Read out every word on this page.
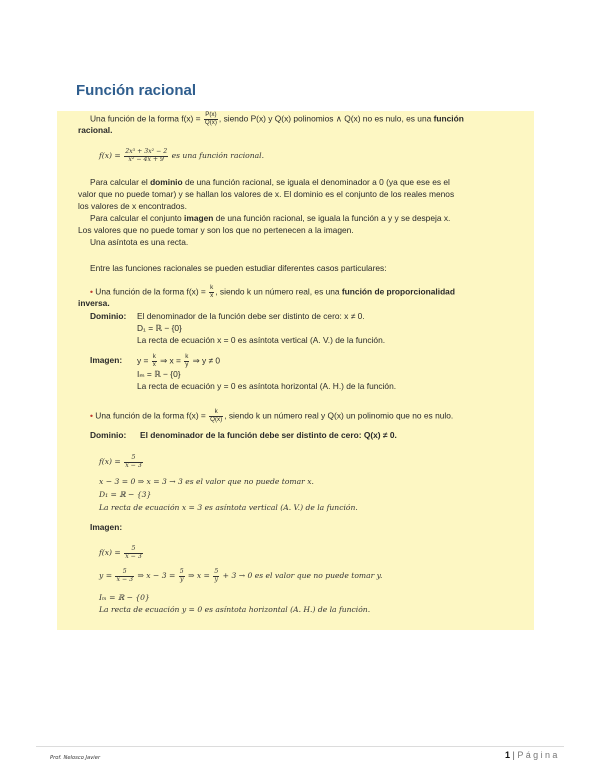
Función racional
Una función de la forma $f(x) = \frac{P(x)}{Q(x)}$ , siendo P(x) y Q(x) polinomios ∧ Q(x) no es nulo, es una función
racional.
$f(x) = \frac{\text{2x³ + 3x² − 2}}{\text{x² − 4x + 9}}$ es una función racional.
Para calcular el dominio de una función racional, se iguala el denominador a 0 (ya que ese es el
valor que no puede tomar) y se hallan los valores de x. El dominio es el conjunto de los reales menos
los valores de x encontrados.
Para calcular el conjunto imagen de una función racional, se iguala la función a y y se despeja x.
Los valores que no puede tomar y son los que no pertenecen a la imagen.
Una asíntota es una recta.
Entre las funciones racionales se pueden estudiar diferentes casos particulares:
• Una función de la forma $f(x) = \frac{k}{x}$ , siendo k un número real, es una función de proporcionalidad
inversa.
Dominio: El denominador de la función debe ser distinto de cero: x ≠ 0.
D₁ = ℝ − {0}
La recta de ecuación x = 0 es asíntota vertical (A. V.) de la función.
Imagen: $y = \frac{k}{x}$ ⇒ $x = \frac{k}{y}$ ⇒ y ≠ 0
Iₘ = ℝ − {0}
La recta de ecuación y = 0 es asíntota horizontal (A. H.) de la función.
• Una función de la forma $f(x) = \frac{k}{Q(x)}$ , siendo k un número real y Q(x) un polinomio que no es nulo.
Dominio: El denominador de la función debe ser distinto de cero: Q(x) ≠ 0.
$f(x) = \frac{5}{x - 3}$
x − 3 = 0 ⇒ x = 3 → 3 es el valor que no puede tomar x.
D₁ = ℝ − {3}
La recta de ecuación x = 3 es asíntota vertical (A. V.) de la función.
Imagen:
$f(x) = \frac{5}{x - 3}$
$y = \frac{5}{x - 3}$ ⇒ $x - 3 = \frac{5}{y}$ ⇒ $x = \frac{5}{y} + 3 \to 0$ es el valor que no puede tomar y.
Iₘ = ℝ − {0}
La recta de ecuación y = 0 es asíntota horizontal (A. H.) de la función.
Prof. Nelosco Javier	1 | Página
